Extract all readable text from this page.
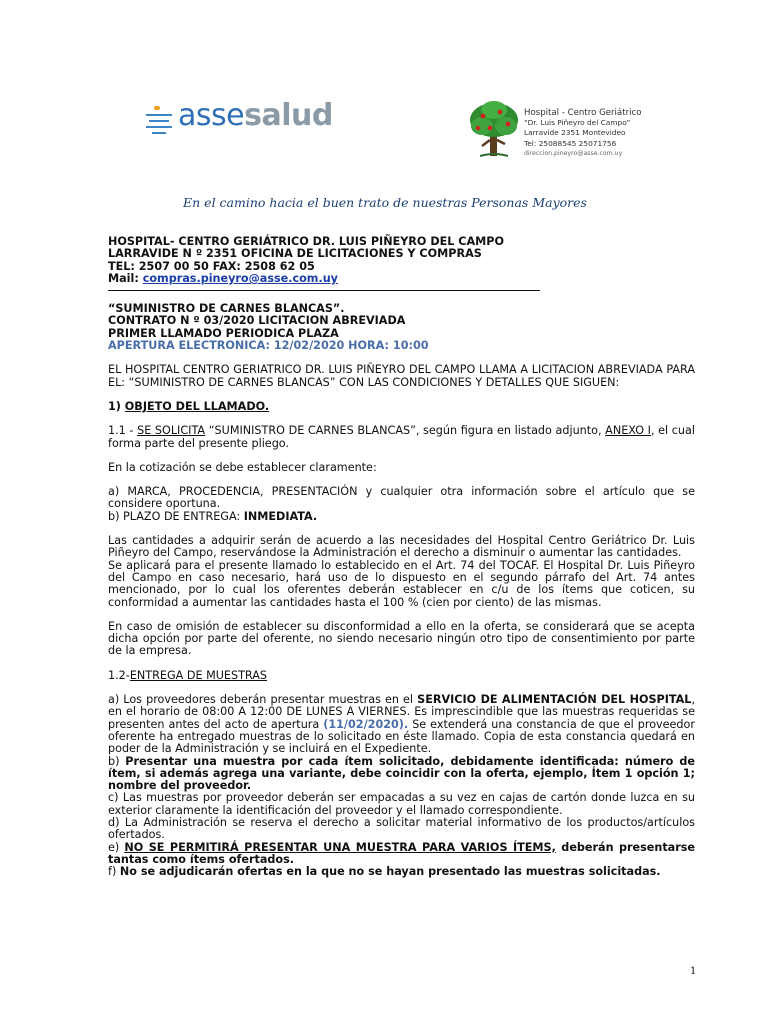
assesalud	Hospital - Centro Geriátrico
“Dr. Luis Piñeyro del Campo”
Larravide 2351 Montevideo
Tel: 25088545 25071756
direccion.pineyro@asse.com.uy
En el camino hacia el buen trato de nuestras Personas Mayores

HOSPITAL- CENTRO GERIÁTRICO DR. LUIS PIÑEYRO DEL CAMPO

LARRAVIDE N º 2351 OFICINA DE LICITACIONES Y COMPRAS

TEL: 2507 00 50 FAX: 2508 62 05

Mail: compras.pineyro@asse.com.uy

“SUMINISTRO DE CARNES BLANCAS”.

CONTRATO N º 03/2020 LICITACION ABREVIADA

PRIMER LLAMADO PERIODICA PLAZA

APERTURA ELECTRONICA: 12/02/2020 HORA: 10:00

EL HOSPITAL CENTRO GERIATRICO DR. LUIS PIÑEYRO DEL CAMPO LLAMA A LICITACION ABREVIADA PARA EL: “SUMINISTRO DE CARNES BLANCAS” CON LAS CONDICIONES Y DETALLES QUE SIGUEN:

1) OBJETO DEL LLAMADO.

1.1 - SE SOLICITA “SUMINISTRO DE CARNES BLANCAS”, según figura en listado adjunto, ANEXO I, el cual forma parte del presente pliego.

En la cotización se debe establecer claramente:

a) MARCA, PROCEDENCIA, PRESENTACIÓN y cualquier otra información sobre el artículo que se considere oportuna.

b) PLAZO DE ENTREGA: INMEDIATA.

Las cantidades a adquirir serán de acuerdo a las necesidades del Hospital Centro Geriátrico Dr. Luis Piñeyro del Campo, reservándose la Administración el derecho a disminuir o aumentar las cantidades.

Se aplicará para el presente llamado lo establecido en el Art. 74 del TOCAF. El Hospital Dr. Luis Piñeyro del Campo en caso necesario, hará uso de lo dispuesto en el segundo párrafo del Art. 74 antes mencionado, por lo cual los oferentes deberán establecer en c/u de los ítems que coticen, su conformidad a aumentar las cantidades hasta el 100 % (cien por ciento) de las mismas.

En caso de omisión de establecer su disconformidad a ello en la oferta, se considerará que se acepta dicha opción por parte del oferente, no siendo necesario ningún otro tipo de consentimiento por parte de la empresa.

1.2-ENTREGA DE MUESTRAS

a) Los proveedores deberán presentar muestras en el SERVICIO DE ALIMENTACIÓN DEL HOSPITAL, en el horario de 08:00 A 12:00 DE LUNES A VIERNES. Es imprescindible que las muestras requeridas se presenten antes del acto de apertura (11/02/2020). Se extenderá una constancia de que el proveedor oferente ha entregado muestras de lo solicitado en éste llamado. Copia de esta constancia quedará en poder de la Administración y se incluirá en el Expediente.

b) Presentar una muestra por cada ítem solicitado, debidamente identificada: número de ítem, si además agrega una variante, debe coincidir con la oferta, ejemplo, Ítem 1 opción 1; nombre del proveedor.

c) Las muestras por proveedor deberán ser empacadas a su vez en cajas de cartón donde luzca en su exterior claramente la identificación del proveedor y el llamado correspondiente.

d) La Administración se reserva el derecho a solicitar material informativo de los productos/artículos ofertados.

e) NO SE PERMITIRÁ PRESENTAR UNA MUESTRA PARA VARIOS ÍTEMS, deberán presentarse tantas como ítems ofertados.

f) No se adjudicarán ofertas en la que no se hayan presentado las muestras solicitadas.

1
